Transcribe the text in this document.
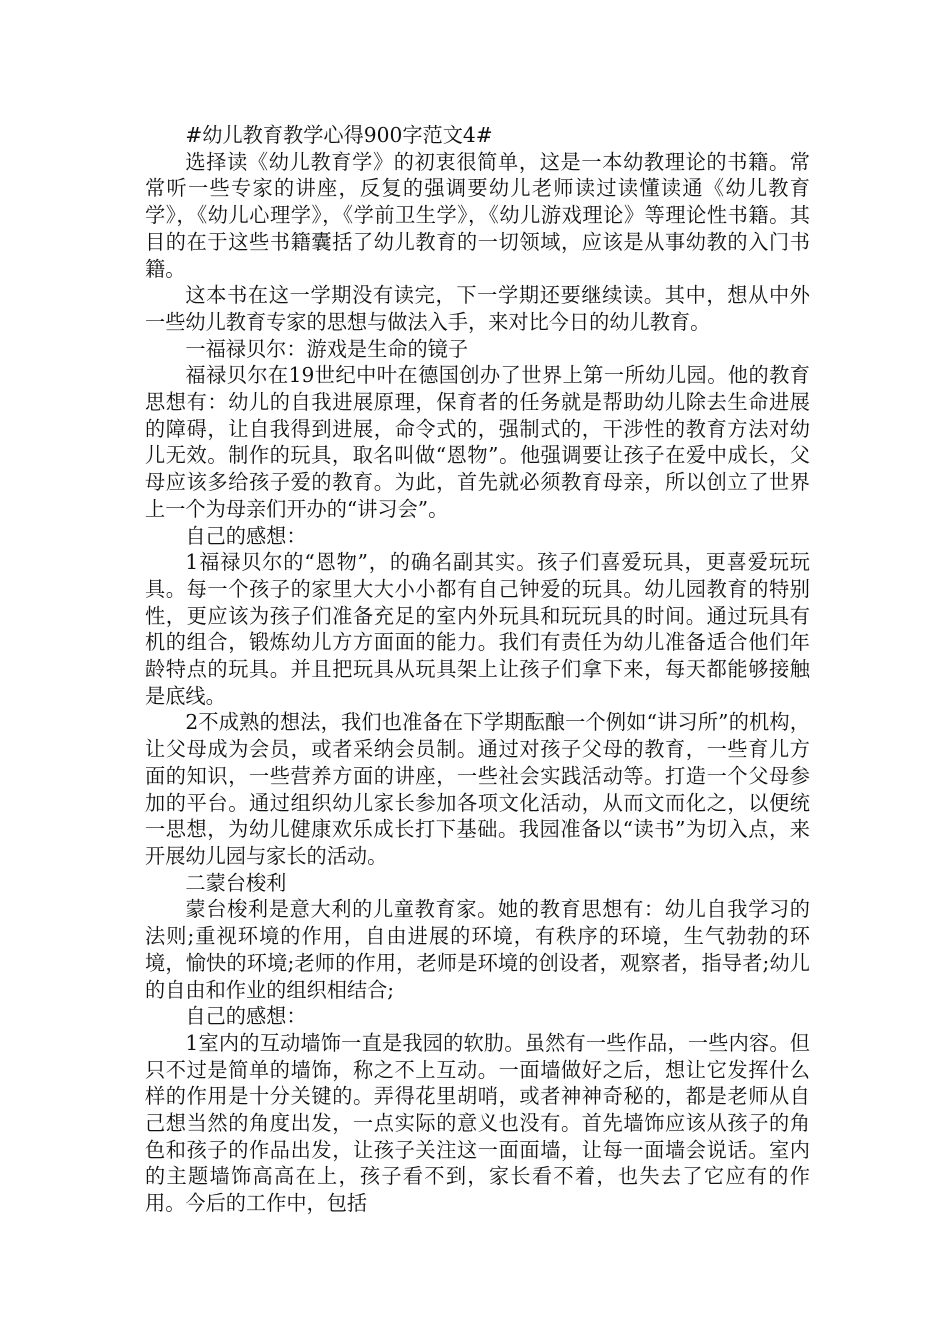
#幼儿教育教学心得900字范文4#

选择读《幼儿教育学》的初衷很简单，这是一本幼教理论的书籍。常常听一些专家的讲座，反复的强调要幼儿老师读过读懂读通《幼儿教育学》，《幼儿心理学》，《学前卫生学》，《幼儿游戏理论》等理论性书籍。其目的在于这些书籍囊括了幼儿教育的一切领域，应该是从事幼教的入门书籍。

这本书在这一学期没有读完，下一学期还要继续读。其中，想从中外一些幼儿教育专家的思想与做法入手，来对比今日的幼儿教育。

一福禄贝尔：游戏是生命的镜子

福禄贝尔在19世纪中叶在德国创办了世界上第一所幼儿园。他的教育思想有：幼儿的自我进展原理，保育者的任务就是帮助幼儿除去生命进展的障碍，让自我得到进展，命令式的，强制式的，干涉性的教育方法对幼儿无效。制作的玩具，取名叫做“恩物”。他强调要让孩子在爱中成长，父母应该多给孩子爱的教育。为此，首先就必须教育母亲，所以创立了世界上一个为母亲们开办的“讲习会”。

自己的感想：

1福禄贝尔的“恩物”，的确名副其实。孩子们喜爱玩具，更喜爱玩玩具。每一个孩子的家里大大小小都有自己钟爱的玩具。幼儿园教育的特别性，更应该为孩子们准备充足的室内外玩具和玩玩具的时间。通过玩具有机的组合，锻炼幼儿方方面面的能力。我们有责任为幼儿准备适合他们年龄特点的玩具。并且把玩具从玩具架上让孩子们拿下来，每天都能够接触是底线。

2不成熟的想法，我们也准备在下学期酝酿一个例如“讲习所”的机构，让父母成为会员，或者采纳会员制。通过对孩子父母的教育，一些育儿方面的知识，一些营养方面的讲座，一些社会实践活动等。打造一个父母参加的平台。通过组织幼儿家长参加各项文化活动，从而文而化之，以便统一思想，为幼儿健康欢乐成长打下基础。我园准备以“读书”为切入点，来开展幼儿园与家长的活动。

二蒙台梭利

蒙台梭利是意大利的儿童教育家。她的教育思想有：幼儿自我学习的法则;重视环境的作用，自由进展的环境，有秩序的环境，生气勃勃的环境，愉快的环境;老师的作用，老师是环境的创设者，观察者，指导者;幼儿的自由和作业的组织相结合;

自己的感想：

1室内的互动墙饰一直是我园的软肋。虽然有一些作品，一些内容。但只不过是简单的墙饰，称之不上互动。一面墙做好之后，想让它发挥什么样的作用是十分关键的。弄得花里胡哨，或者神神奇秘的，都是老师从自己想当然的角度出发，一点实际的意义也没有。首先墙饰应该从孩子的角色和孩子的作品出发，让孩子关注这一面面墙，让每一面墙会说话。室内的主题墙饰高高在上，孩子看不到，家长看不着，也失去了它应有的作用。今后的工作中，包括
